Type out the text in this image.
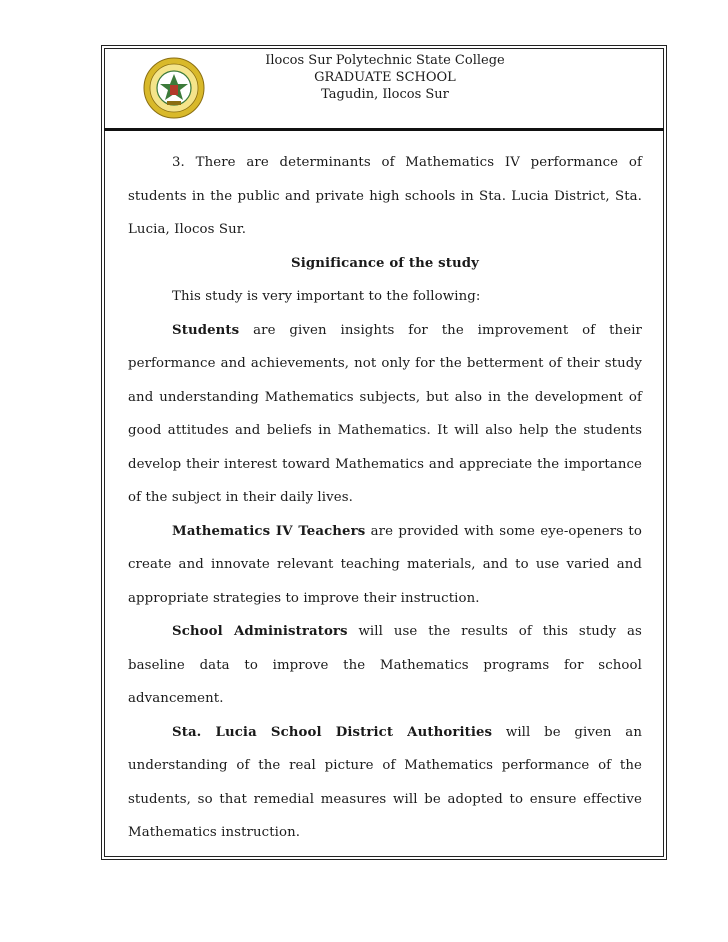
Ilocos Sur Polytechnic State College
GRADUATE SCHOOL
Tagudin, Ilocos Sur

3. There are determinants of Mathematics IV performance of students in the public and private high schools in Sta. Lucia District, Sta. Lucia, Ilocos Sur.

Significance of the study

This study is very important to the following:

Students are given insights for the improvement of their performance and achievements, not only for the betterment of their study and understanding Mathematics subjects, but also in the development of good attitudes and beliefs in Mathematics. It will also help the students develop their interest toward Mathematics and appreciate the importance of the subject in their daily lives.

Mathematics IV Teachers are provided with some eye-openers to create and innovate relevant teaching materials, and to use varied and appropriate strategies to improve their instruction.

School Administrators will use the results of this study as baseline data to improve the Mathematics programs for school advancement.

Sta. Lucia School District Authorities will be given an understanding of the real picture of Mathematics performance of the students, so that remedial measures will be adopted to ensure effective Mathematics instruction.
